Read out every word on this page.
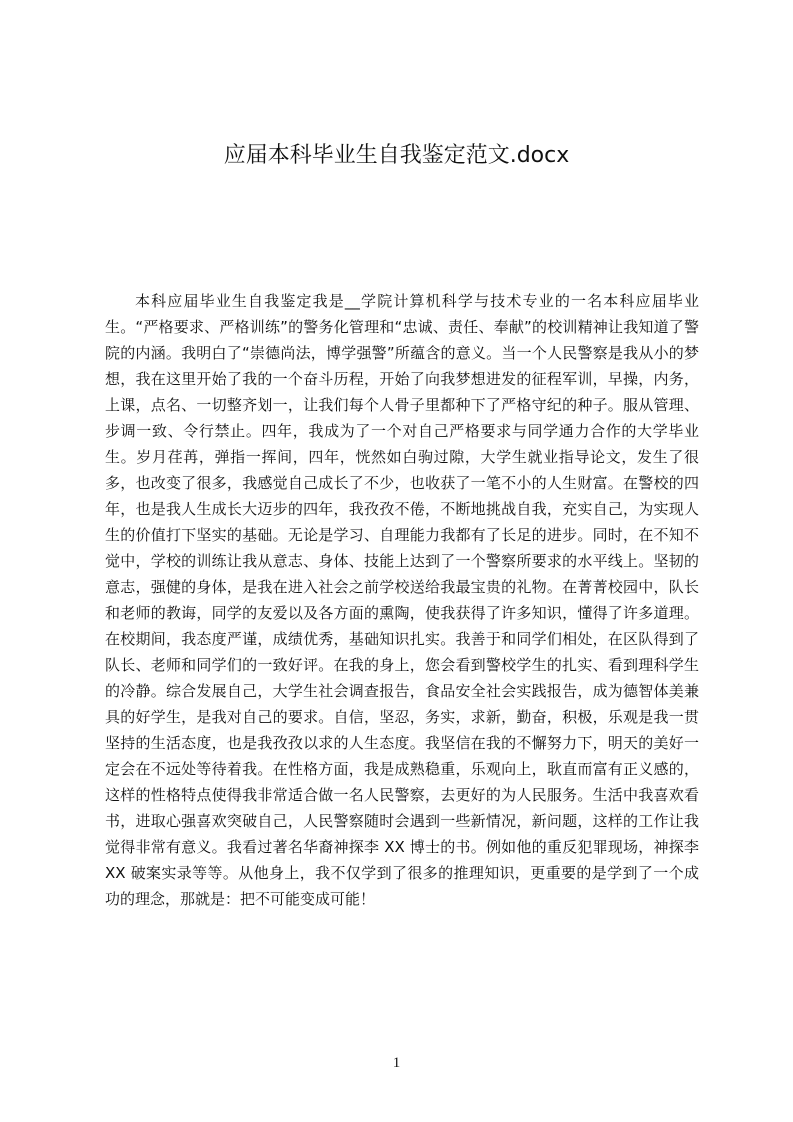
应届本科毕业生自我鉴定范文.docx

本科应届毕业生自我鉴定我是__学院计算机科学与技术专业的一名本科应届毕业生。“严格要求、严格训练”的警务化管理和“忠诚、责任、奉献”的校训精神让我知道了警院的内涵。我明白了“崇德尚法，博学强警”所蕴含的意义。当一个人民警察是我从小的梦想，我在这里开始了我的一个奋斗历程，开始了向我梦想进发的征程军训，早操，内务，上课，点名、一切整齐划一，让我们每个人骨子里都种下了严格守纪的种子。服从管理、步调一致、令行禁止。四年，我成为了一个对自己严格要求与同学通力合作的大学毕业生。岁月荏苒，弹指一挥间，四年，恍然如白驹过隙，大学生就业指导论文，发生了很多，也改变了很多，我感觉自己成长了不少，也收获了一笔不小的人生财富。在警校的四年，也是我人生成长大迈步的四年，我孜孜不倦，不断地挑战自我，充实自己，为实现人生的价值打下坚实的基础。无论是学习、自理能力我都有了长足的进步。同时，在不知不觉中，学校的训练让我从意志、身体、技能上达到了一个警察所要求的水平线上。坚韧的意志，强健的身体，是我在进入社会之前学校送给我最宝贵的礼物。在菁菁校园中，队长和老师的教诲，同学的友爱以及各方面的熏陶，使我获得了许多知识，懂得了许多道理。在校期间，我态度严谨，成绩优秀，基础知识扎实。我善于和同学们相处，在区队得到了队长、老师和同学们的一致好评。在我的身上，您会看到警校学生的扎实、看到理科学生的冷静。综合发展自己，大学生社会调查报告，食品安全社会实践报告，成为德智体美兼具的好学生，是我对自己的要求。自信，坚忍，务实，求新，勤奋，积极，乐观是我一贯坚持的生活态度，也是我孜孜以求的人生态度。我坚信在我的不懈努力下，明天的美好一定会在不远处等待着我。在性格方面，我是成熟稳重，乐观向上，耿直而富有正义感的，这样的性格特点使得我非常适合做一名人民警察，去更好的为人民服务。生活中我喜欢看书，进取心强喜欢突破自己，人民警察随时会遇到一些新情况，新问题，这样的工作让我觉得非常有意义。我看过著名华裔神探李 XX 博士的书。例如他的重反犯罪现场，神探李 XX 破案实录等等。从他身上，我不仅学到了很多的推理知识，更重要的是学到了一个成功的理念，那就是：把不可能变成可能！

1
